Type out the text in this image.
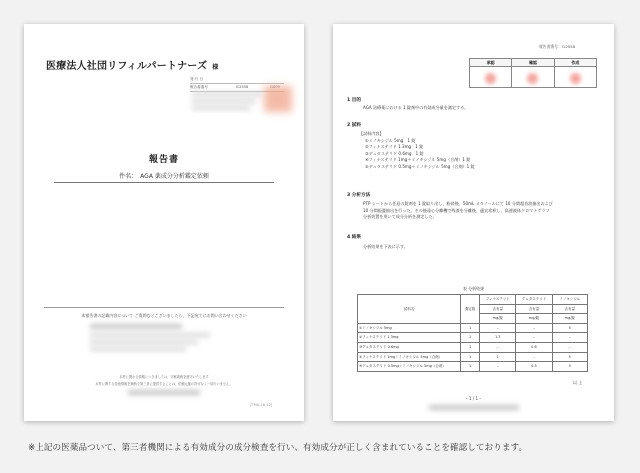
医療法人社団リフィルパートナーズ 様
発 行 日
報告書番号	I12558
報告書
件名： AGA 薬成分分析鑑定依頼
本報告書の記載内容について ご質問などございましたら、下記宛てにお問い合わせください
本件に関わる情報につきましては、守秘義務を遵守いたします
本件に関する技術情報を無断で第三者に提供することは、依頼元様の許可なく一切行いません。
[TMA-16-12]
報告書番号：I12558
承認	確認	作成

1 目的
AGA 治療薬における 1 錠剤中の有効成分量を測定する。
2 試料

【試料内容】

①ミノキシジル 5mg　1 錠

②フィナステリド 1.3mg　1 錠

③デュタステリド 0.6mg　1 錠

④フィナステリド 1mg＋ミノキシジル 5mg（合剤）1 錠

⑤デュタステリド 0.5mg＋ミノキシジル 5mg（合剤）1 錠

3 分析方法

PTP シートから任意の錠剤を 1 錠取り出し、粉砕後、50mL メタノールにて 10 分間超音波抽出および

10 分間振盪抽出を行った。その後遠心分離機で残渣を分離後、適宜希釈し、高速液体クロマトグラフ

分析装置を用いて成分分析を測定した。

4 結果
分析結果を下表に示す。
表 分析結果
試料名	測定数	フィナステリド	デュタステリド	ミノキシジル
		含有量	含有量	含有量
		mg/錠	mg/錠	mg/錠
①ミノキシジル 5mg	1	–	–	5
②フィナステリド 1.3mg	1	1.3	–	–
③デュタステリド 0.6mg	1	–	0.6	–
④フィナステリド 1mg＋ミノキシジル 5mg（合剤）	1	1	–	5
⑤デュタステリド 0.5mg＋ミノキシジル 5mg（合剤）	1	–	0.5	5
以 上
– 1 / 1 –
※上記の医薬品ついて、第三者機関による有効成分の成分検査を行い、有効成分が正しく含まれていることを確認しております。
